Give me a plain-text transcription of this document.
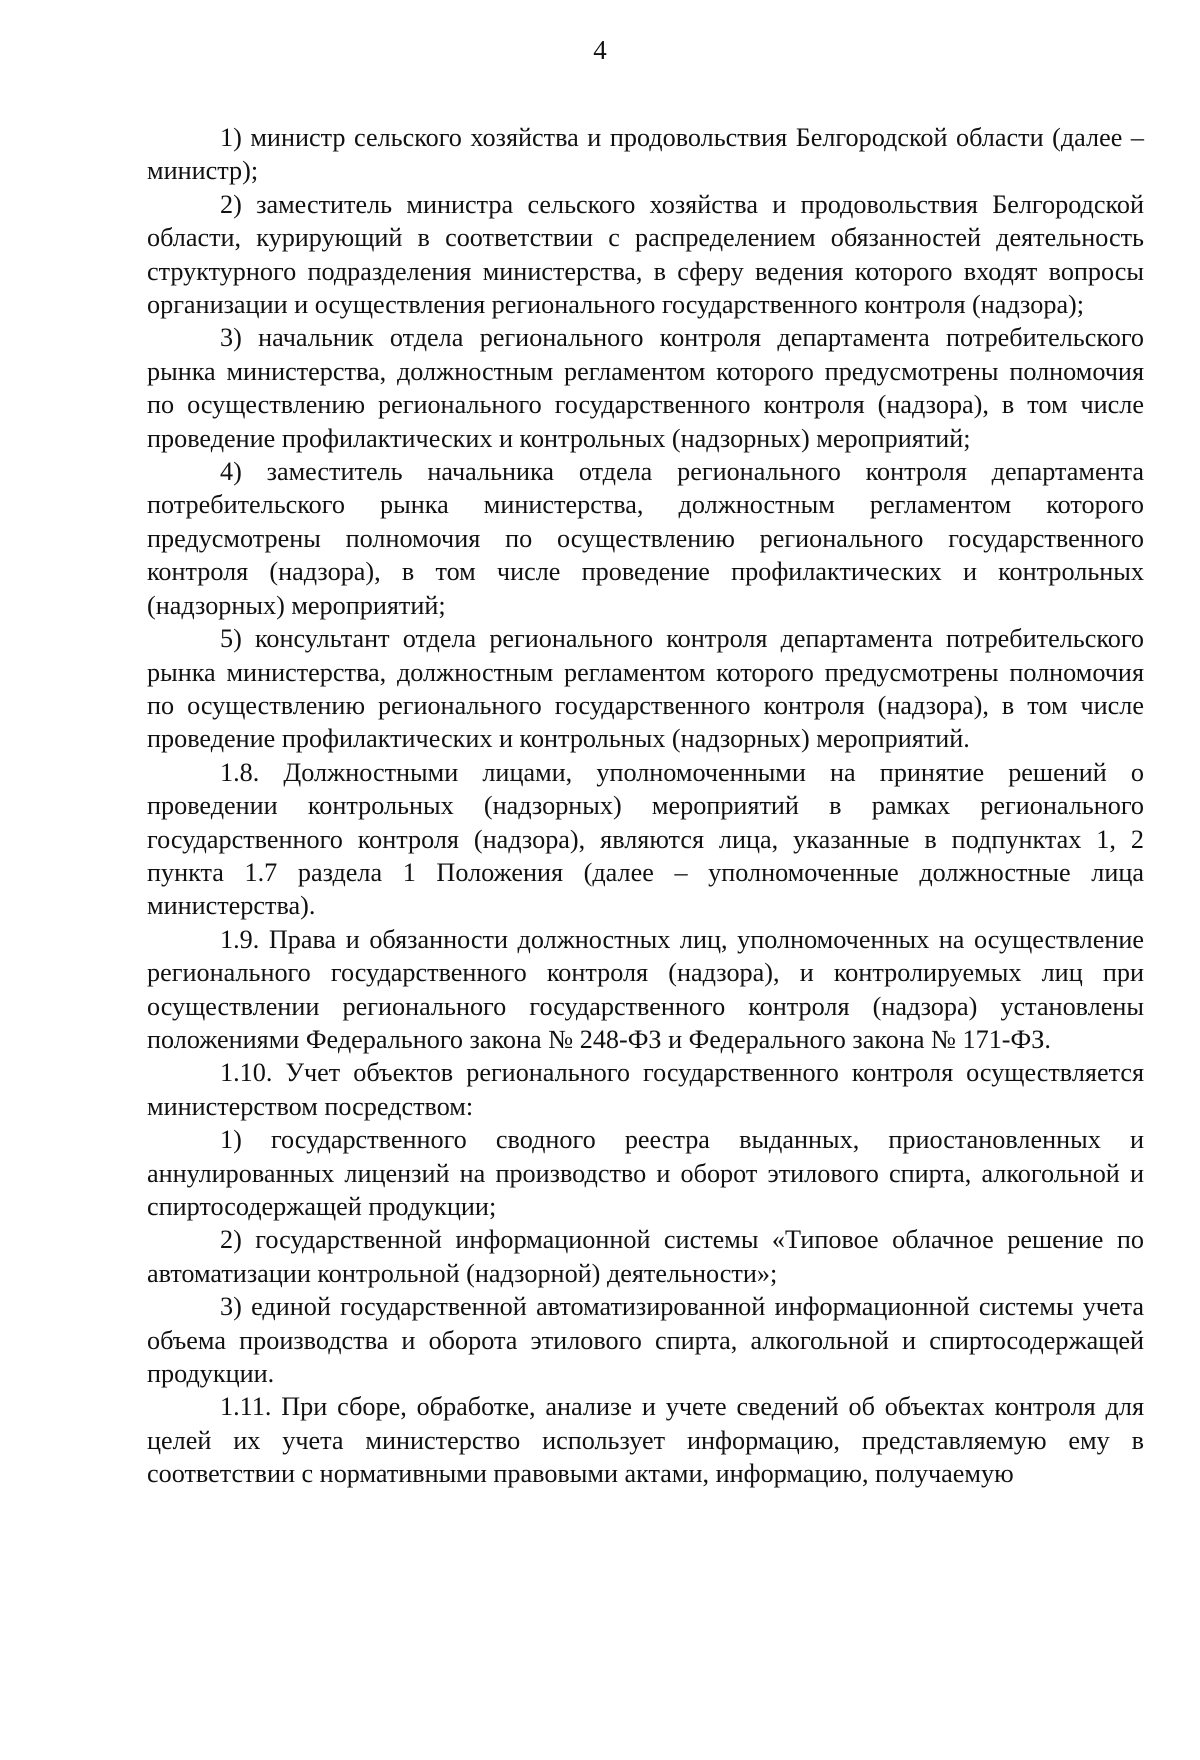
4

1) министр сельского хозяйства и продовольствия Белгородской области (далее – министр);

2) заместитель министра сельского хозяйства и продовольствия Белгородской области, курирующий в соответствии с распределением обязанностей деятельность структурного подразделения министерства, в сферу ведения которого входят вопросы организации и осуществления регионального государственного контроля (надзора);

3) начальник отдела регионального контроля департамента потребительского рынка министерства, должностным регламентом которого предусмотрены полномочия по осуществлению регионального государственного контроля (надзора), в том числе проведение профилактических и контрольных (надзорных) мероприятий;

4) заместитель начальника отдела регионального контроля департамента потребительского рынка министерства, должностным регламентом которого предусмотрены полномочия по осуществлению регионального государственного контроля (надзора), в том числе проведение профилактических и контрольных (надзорных) мероприятий;

5) консультант отдела регионального контроля департамента потребительского рынка министерства, должностным регламентом которого предусмотрены полномочия по осуществлению регионального государственного контроля (надзора), в том числе проведение профилактических и контрольных (надзорных) мероприятий.

1.8. Должностными лицами, уполномоченными на принятие решений о проведении контрольных (надзорных) мероприятий в рамках регионального государственного контроля (надзора), являются лица, указанные в подпунктах 1, 2 пункта 1.7 раздела 1 Положения (далее – уполномоченные должностные лица министерства).

1.9. Права и обязанности должностных лиц, уполномоченных на осуществление регионального государственного контроля (надзора), и контролируемых лиц при осуществлении регионального государственного контроля (надзора) установлены положениями Федерального закона № 248-ФЗ и Федерального закона № 171-ФЗ.

1.10. Учет объектов регионального государственного контроля осуществляется министерством посредством:

1) государственного сводного реестра выданных, приостановленных и аннулированных лицензий на производство и оборот этилового спирта, алкогольной и спиртосодержащей продукции;

2) государственной информационной системы «Типовое облачное решение по автоматизации контрольной (надзорной) деятельности»;

3) единой государственной автоматизированной информационной системы учета объема производства и оборота этилового спирта, алкогольной и спиртосодержащей продукции.

1.11. При сборе, обработке, анализе и учете сведений об объектах контроля для целей их учета министерство использует информацию, представляемую ему в соответствии с нормативными правовыми актами, информацию, получаемую
